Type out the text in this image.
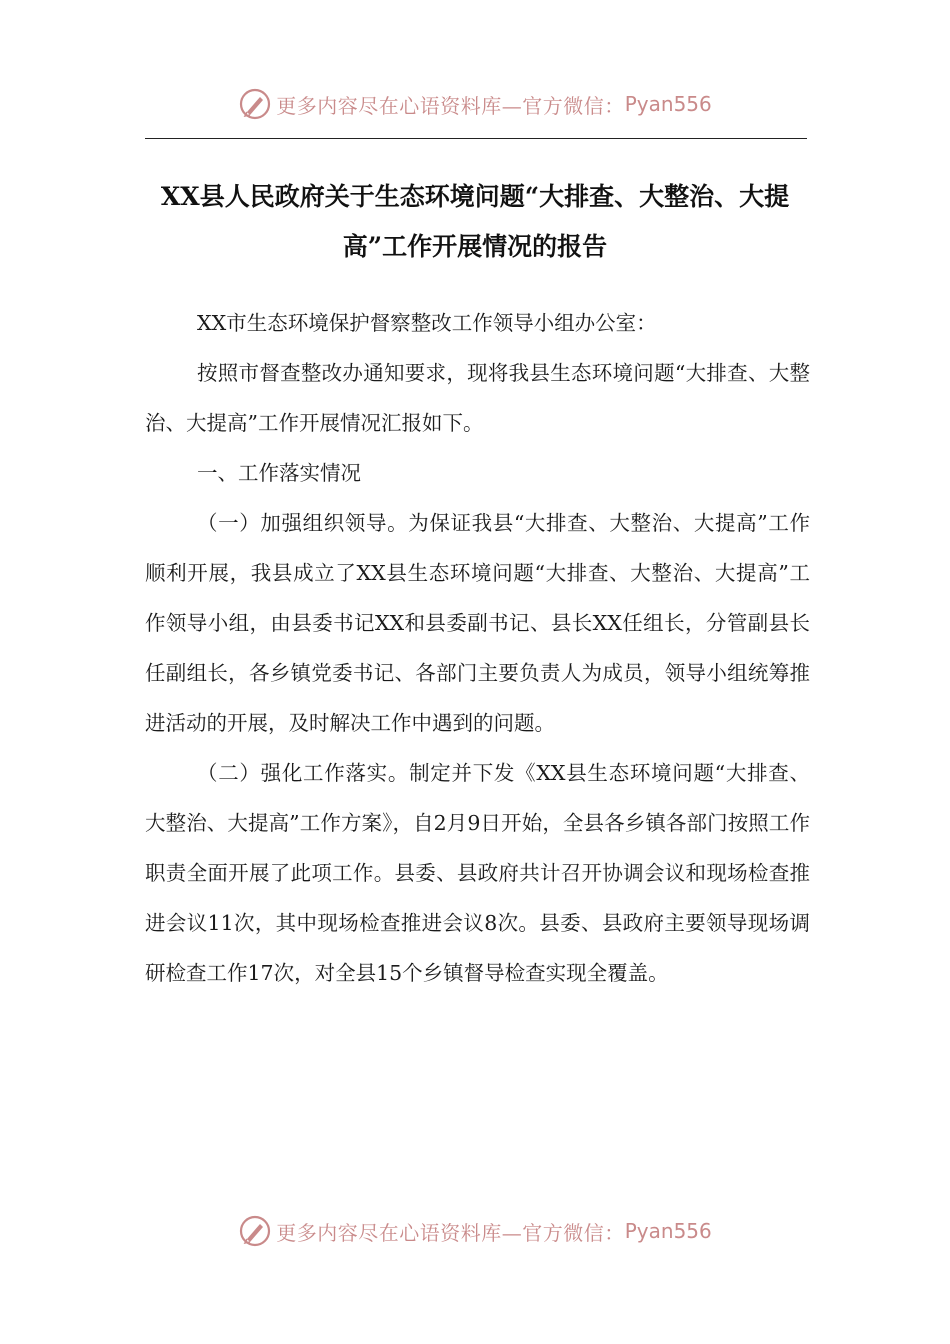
更多内容尽在心语资料库—官方微信： Pyan556
XX县人民政府关于生态环境问题“大排查、大整治、大提高”工作开展情况的报告

XX市生态环境保护督察整改工作领导小组办公室：

按照市督查整改办通知要求，现将我县生态环境问题“大排查、大整治、大提高”工作开展情况汇报如下。

一、工作落实情况

（一）加强组织领导。为保证我县“大排查、大整治、大提高”工作顺利开展，我县成立了XX县生态环境问题“大排查、大整治、大提高”工作领导小组，由县委书记XX和县委副书记、县长XX任组长，分管副县长任副组长，各乡镇党委书记、各部门主要负责人为成员，领导小组统筹推进活动的开展，及时解决工作中遇到的问题。

（二）强化工作落实。制定并下发《XX县生态环境问题“大排查、大整治、大提高”工作方案》，自2月9日开始，全县各乡镇各部门按照工作职责全面开展了此项工作。县委、县政府共计召开协调会议和现场检查推进会议11次，其中现场检查推进会议8次。县委、县政府主要领导现场调研检查工作17次，对全县15个乡镇督导检查实现全覆盖。

更多内容尽在心语资料库—官方微信： Pyan556
